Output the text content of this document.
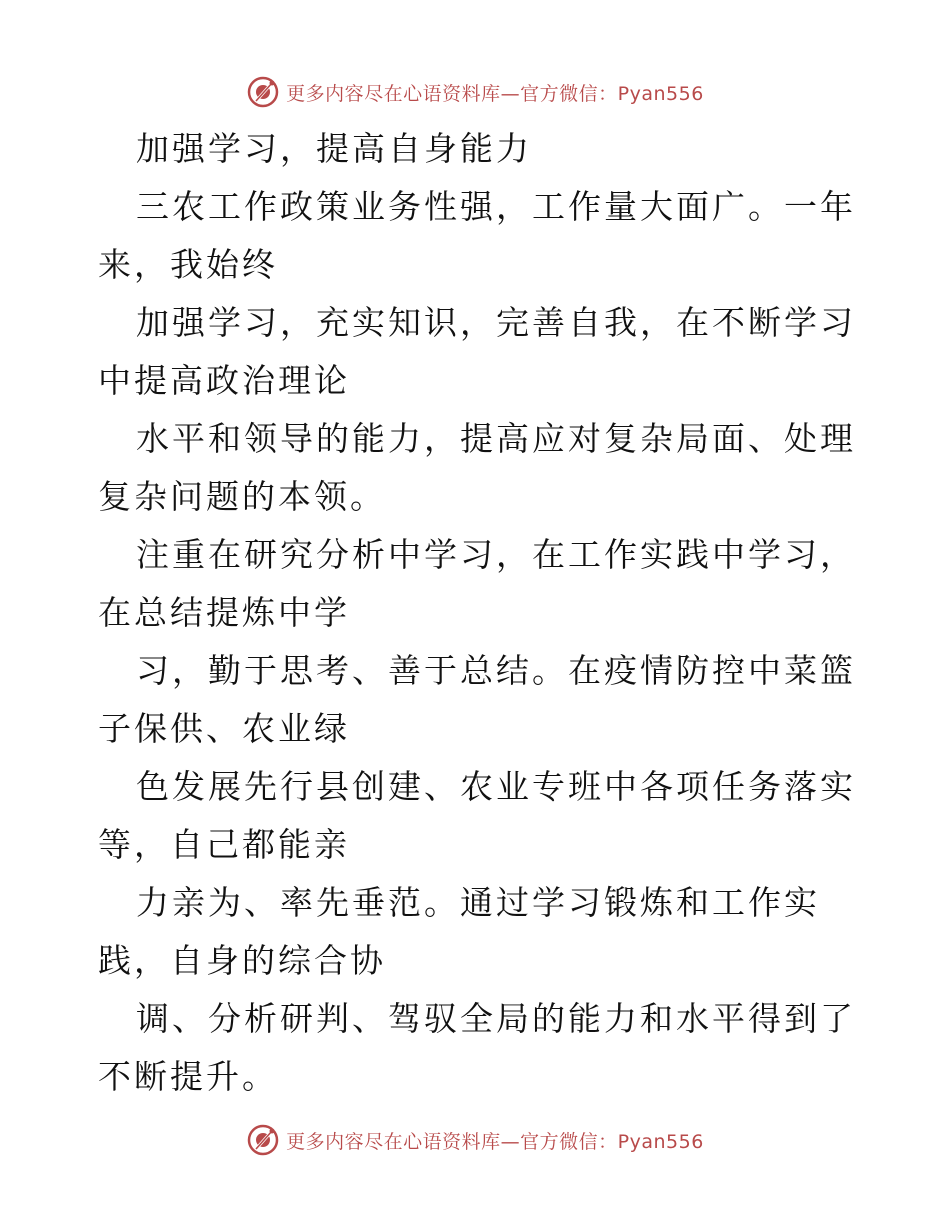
更多内容尽在心语资料库—官方微信：Pyan556

加强学习，提高自身能力

三农工作政策业务性强，工作量大面广。一年来，我始终

加强学习，充实知识，完善自我，在不断学习中提高政治理论

水平和领导的能力，提高应对复杂局面、处理复杂问题的本领。

注重在研究分析中学习，在工作实践中学习，在总结提炼中学

习，勤于思考、善于总结。在疫情防控中菜篮子保供、农业绿

色发展先行县创建、农业专班中各项任务落实等，自己都能亲

力亲为、率先垂范。通过学习锻炼和工作实践，自身的综合协

调、分析研判、驾驭全局的能力和水平得到了不断提升。

更多内容尽在心语资料库—官方微信：Pyan556
